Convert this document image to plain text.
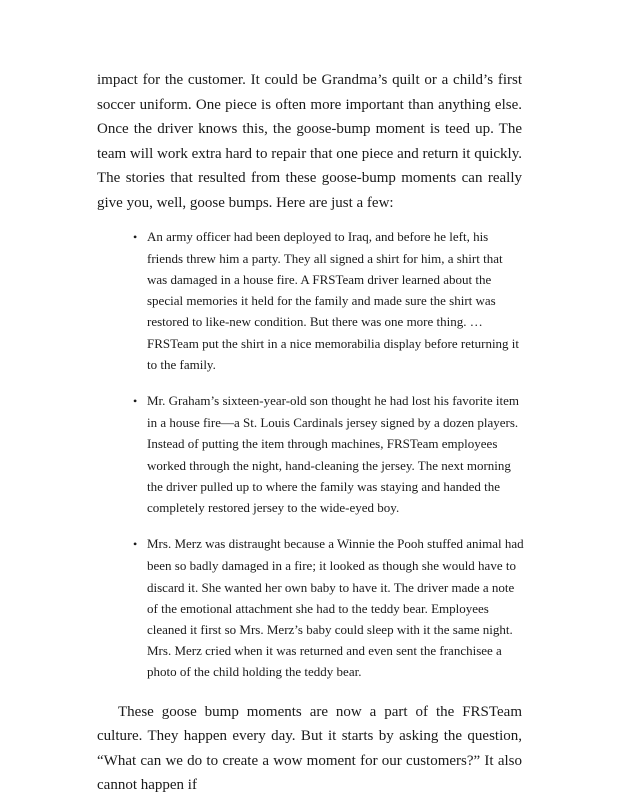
impact for the customer. It could be Grandma’s quilt or a child’s first soccer uniform. One piece is often more important than anything else. Once the driver knows this, the goose-bump moment is teed up. The team will work extra hard to repair that one piece and return it quickly. The stories that resulted from these goose-bump moments can really give you, well, goose bumps. Here are just a few:

• An army officer had been deployed to Iraq, and before he left, his friends threw him a party. They all signed a shirt for him, a shirt that was damaged in a house fire. A FRSTeam driver learned about the special memories it held for the family and made sure the shirt was restored to like-new condition. But there was one more thing. … FRSTeam put the shirt in a nice memorabilia display before returning it to the family.
• Mr. Graham’s sixteen-year-old son thought he had lost his favorite item in a house fire—a St. Louis Cardinals jersey signed by a dozen players. Instead of putting the item through machines, FRSTeam employees worked through the night, hand-cleaning the jersey. The next morning the driver pulled up to where the family was staying and handed the completely restored jersey to the wide-eyed boy.
• Mrs. Merz was distraught because a Winnie the Pooh stuffed animal had been so badly damaged in a fire; it looked as though she would have to discard it. She wanted her own baby to have it. The driver made a note of the emotional attachment she had to the teddy bear. Employees cleaned it first so Mrs. Merz’s baby could sleep with it the same night. Mrs. Merz cried when it was returned and even sent the franchisee a photo of the child holding the teddy bear.

These goose bump moments are now a part of the FRSTeam culture. They happen every day. But it starts by asking the question, “What can we do to create a wow moment for our customers?” It also cannot happen if
